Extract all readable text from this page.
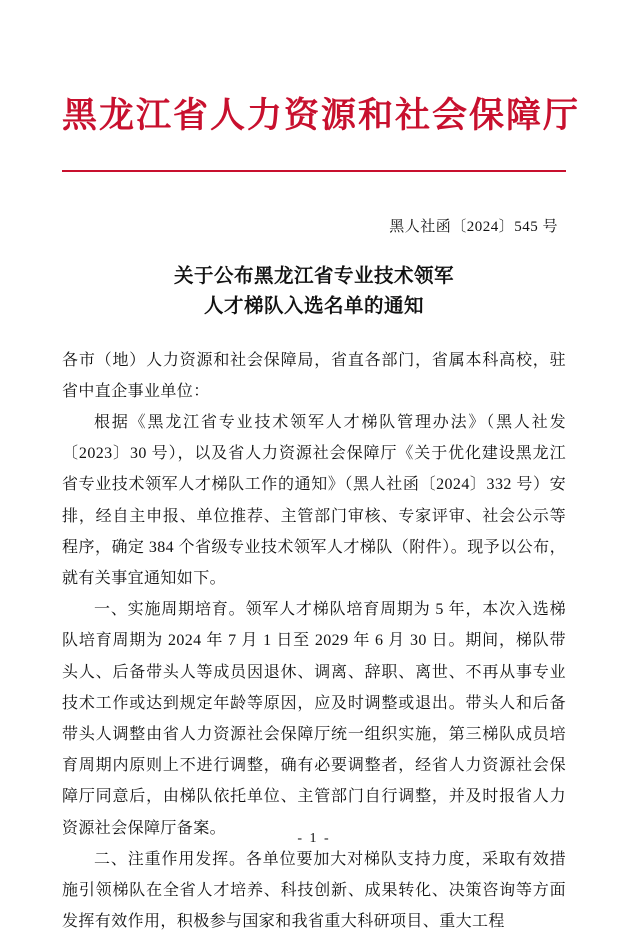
黑龙江省人力资源和社会保障厅
黑人社函〔2024〕545 号
关于公布黑龙江省专业技术领军
人才梯队入选名单的通知

各市（地）人力资源和社会保障局，省直各部门，省属本科高校，驻省中直企事业单位：

根据《黑龙江省专业技术领军人才梯队管理办法》（黑人社发〔2023〕30 号），以及省人力资源社会保障厅《关于优化建设黑龙江省专业技术领军人才梯队工作的通知》（黑人社函〔2024〕332 号）安排，经自主申报、单位推荐、主管部门审核、专家评审、社会公示等程序，确定 384 个省级专业技术领军人才梯队（附件）。现予以公布，就有关事宜通知如下。

一、实施周期培育。领军人才梯队培育周期为 5 年，本次入选梯队培育周期为 2024 年 7 月 1 日至 2029 年 6 月 30 日。期间，梯队带头人、后备带头人等成员因退休、调离、辞职、离世、不再从事专业技术工作或达到规定年龄等原因，应及时调整或退出。带头人和后备带头人调整由省人力资源社会保障厅统一组织实施，第三梯队成员培育周期内原则上不进行调整，确有必要调整者，经省人力资源社会保障厅同意后，由梯队依托单位、主管部门自行调整，并及时报省人力资源社会保障厅备案。

二、注重作用发挥。各单位要加大对梯队支持力度，采取有效措施引领梯队在全省人才培养、科技创新、成果转化、决策咨询等方面发挥有效作用，积极参与国家和我省重大科研项目、重大工程

- 1 -
